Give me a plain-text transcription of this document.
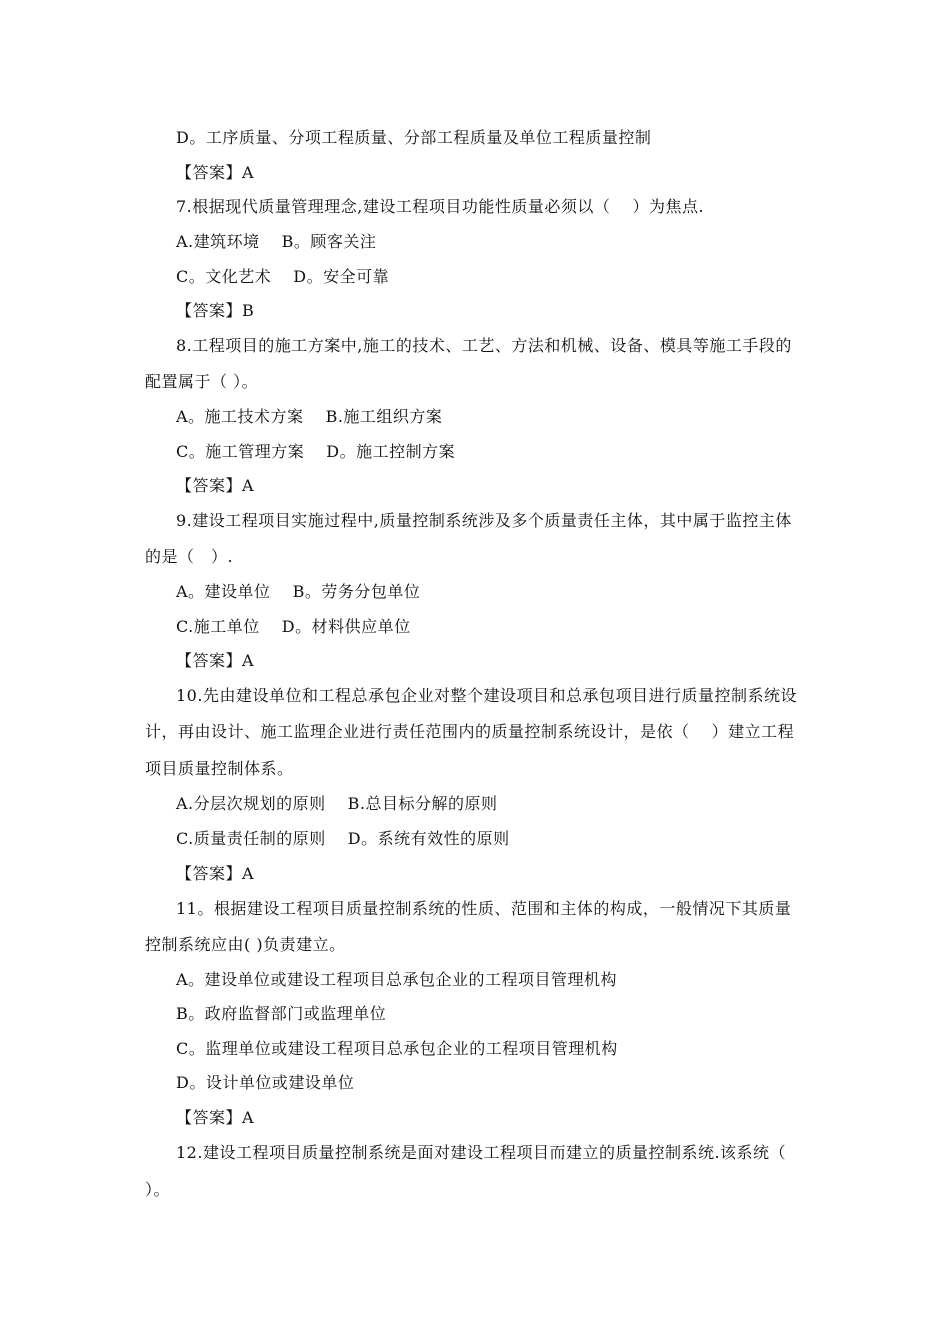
D。工序质量、分项工程质量、分部工程质量及单位工程质量控制
【答案】A
7.根据现代质量管理理念,建设工程项目功能性质量必须以（　 ）为焦点.
A.建筑环境 B。顾客关注
C。文化艺术 D。安全可靠
【答案】B
8.工程项目的施工方案中,施工的技术、工艺、方法和机械、设备、模具等施工手段的
配置属于（ ）。
A。施工技术方案 B.施工组织方案
C。施工管理方案 D。施工控制方案
【答案】A
9.建设工程项目实施过程中,质量控制系统涉及多个质量责任主体，其中属于监控主体
的是（　）.
A。建设单位 B。劳务分包单位
C.施工单位 D。材料供应单位
【答案】A
10.先由建设单位和工程总承包企业对整个建设项目和总承包项目进行质量控制系统设
计，再由设计、施工监理企业进行责任范围内的质量控制系统设计，是依（　 ）建立工程
项目质量控制体系。
A.分层次规划的原则 B.总目标分解的原则
C.质量责任制的原则 D。系统有效性的原则
【答案】A
11。根据建设工程项目质量控制系统的性质、范围和主体的构成，一般情况下其质量
控制系统应由( )负责建立。
A。建设单位或建设工程项目总承包企业的工程项目管理机构
B。政府监督部门或监理单位
C。监理单位或建设工程项目总承包企业的工程项目管理机构
D。设计单位或建设单位
【答案】A
12.建设工程项目质量控制系统是面对建设工程项目而建立的质量控制系统.该系统（
）。
